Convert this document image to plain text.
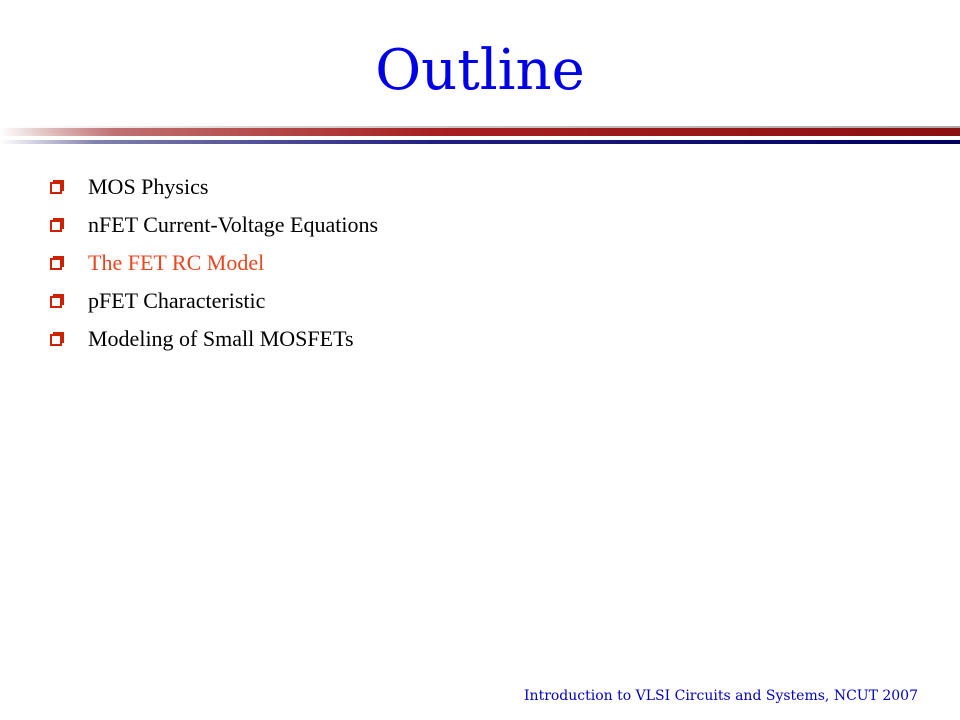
Outline
MOS Physics
nFET Current-Voltage Equations
The FET RC Model
pFET Characteristic
Modeling of Small MOSFETs
Introduction to VLSI Circuits and Systems, NCUT 2007
